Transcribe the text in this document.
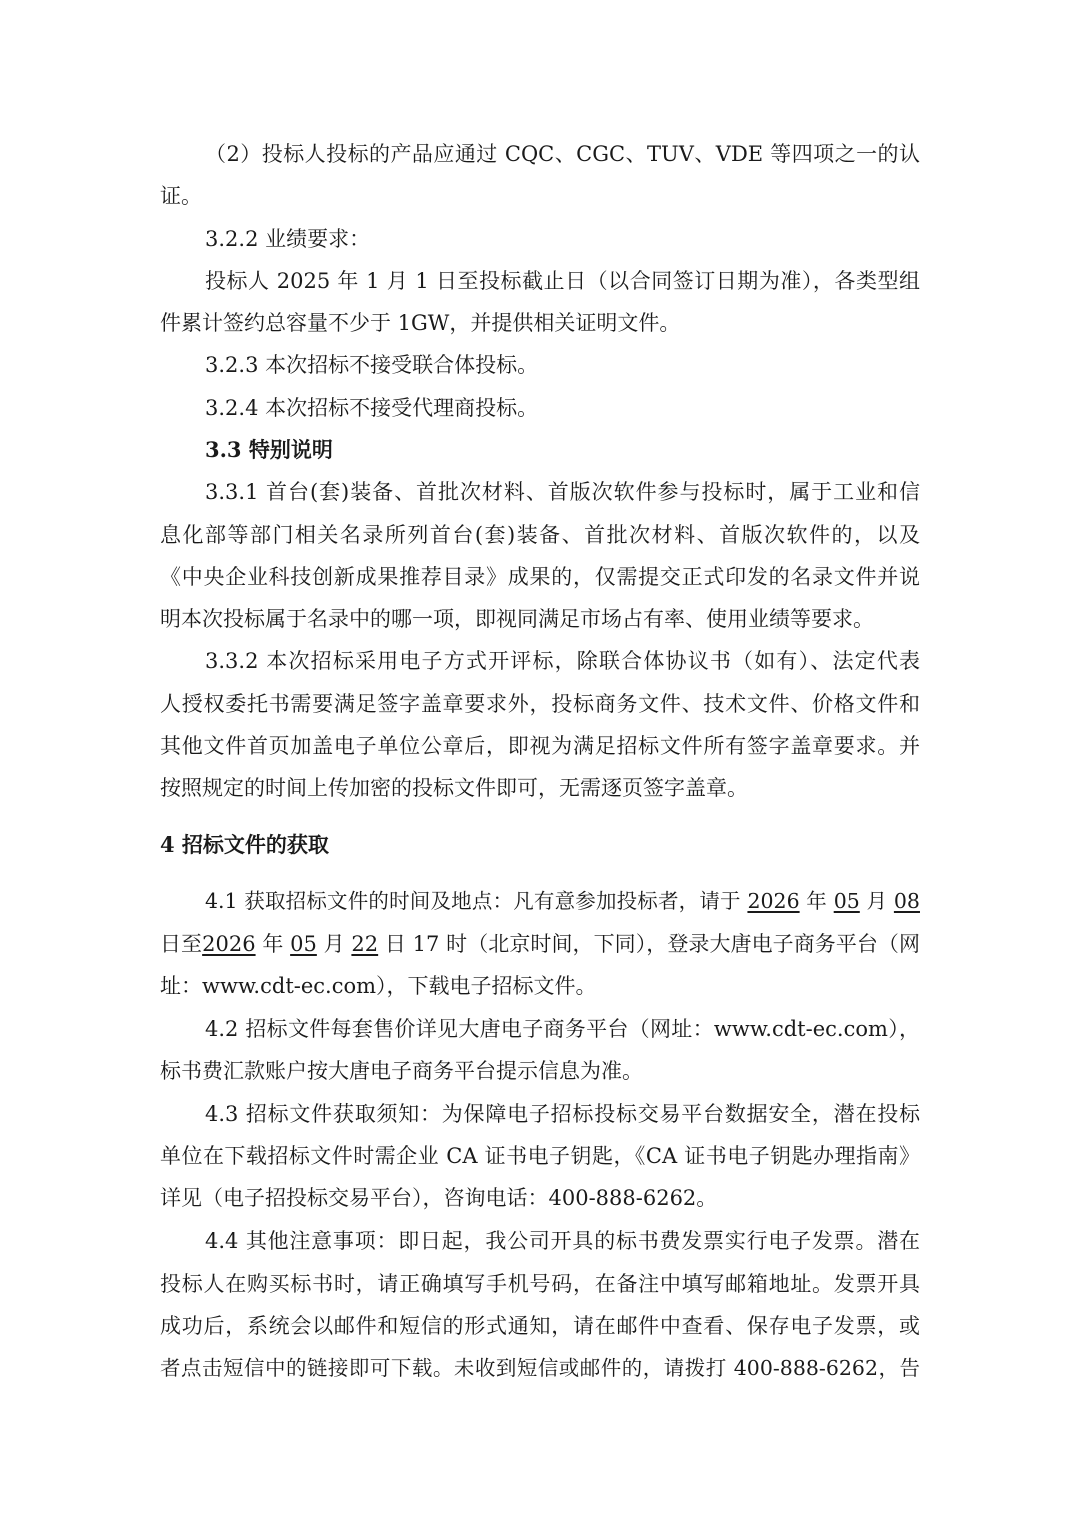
（2）投标人投标的产品应通过 CQC、CGC、TUV、VDE 等四项之一的认
证。
3.2.2 业绩要求：
投标人 2025 年 1 月 1 日至投标截止日（以合同签订日期为准），各类型组
件累计签约总容量不少于 1GW，并提供相关证明文件。
3.2.3 本次招标不接受联合体投标。
3.2.4 本次招标不接受代理商投标。
3.3 特别说明
3.3.1 首台(套)装备、首批次材料、首版次软件参与投标时，属于工业和信
息化部等部门相关名录所列首台(套)装备、首批次材料、首版次软件的，以及
《中央企业科技创新成果推荐目录》成果的，仅需提交正式印发的名录文件并说
明本次投标属于名录中的哪一项，即视同满足市场占有率、使用业绩等要求。
3.3.2 本次招标采用电子方式开评标，除联合体协议书（如有）、法定代表
人授权委托书需要满足签字盖章要求外，投标商务文件、技术文件、价格文件和
其他文件首页加盖电子单位公章后，即视为满足招标文件所有签字盖章要求。并
按照规定的时间上传加密的投标文件即可，无需逐页签字盖章。
4 招标文件的获取
4.1 获取招标文件的时间及地点：凡有意参加投标者，请于 2026 年 05 月 08
日至2026 年 05 月 22 日 17 时（北京时间，下同），登录大唐电子商务平台（网
址：www.cdt-ec.com），下载电子招标文件。
4.2 招标文件每套售价详见大唐电子商务平台（网址：www.cdt-ec.com），
标书费汇款账户按大唐电子商务平台提示信息为准。
4.3 招标文件获取须知：为保障电子招标投标交易平台数据安全，潜在投标
单位在下载招标文件时需企业 CA 证书电子钥匙，《CA 证书电子钥匙办理指南》
详见（电子招投标交易平台），咨询电话：400-888-6262。
4.4 其他注意事项：即日起，我公司开具的标书费发票实行电子发票。潜在
投标人在购买标书时，请正确填写手机号码，在备注中填写邮箱地址。发票开具
成功后，系统会以邮件和短信的形式通知，请在邮件中查看、保存电子发票，或
者点击短信中的链接即可下载。未收到短信或邮件的，请拨打 400-888-6262，告
